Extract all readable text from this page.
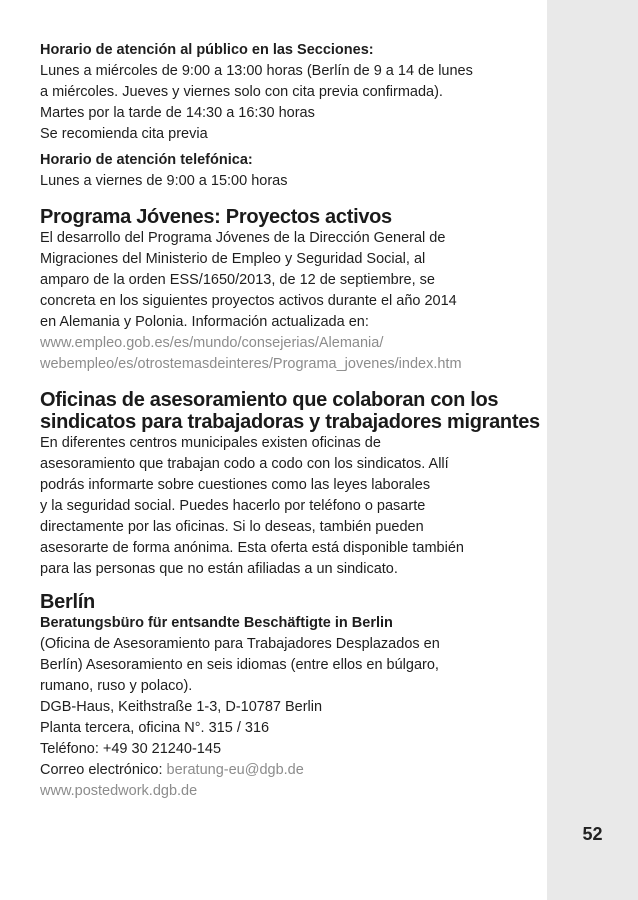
52
Horario de atención al público en las Secciones:
Lunes a miércoles de 9:00 a 13:00 horas (Berlín de 9 a 14 de lunes
a miércoles. Jueves y viernes solo con cita previa confirmada).
Martes por la tarde de 14:30 a 16:30 horas
Se recomienda cita previa
Horario de atención telefónica:
Lunes a viernes de 9:00 a 15:00 horas
Programa Jóvenes: Proyectos activos
El desarrollo del Programa Jóvenes de la Dirección General de
Migraciones del Ministerio de Empleo y Seguridad Social, al
amparo de la orden ESS/1650/2013, de 12 de septiembre, se
concreta en los siguientes proyectos activos durante el año 2014
en Alemania y Polonia. Información actualizada en:
www.empleo.gob.es/es/mundo/consejerias/Alemania/
webempleo/es/otrostemasdeinteres/Programa_jovenes/index.htm
Oficinas de asesoramiento que colaboran con los
sindicatos para trabajadoras y trabajadores migrantes
En diferentes centros municipales existen oficinas de
asesoramiento que trabajan codo a codo con los sindicatos. Allí
podrás informarte sobre cuestiones como las leyes laborales
y la seguridad social. Puedes hacerlo por teléfono o pasarte
directamente por las oficinas. Si lo deseas, también pueden
asesorarte de forma anónima. Esta oferta está disponible también
para las personas que no están afiliadas a un sindicato.
Berlín
Beratungsbüro für entsandte Beschäftigte in Berlin
(Oficina de Asesoramiento para Trabajadores Desplazados en
Berlín) Asesoramiento en seis idiomas (entre ellos en búlgaro,
rumano, ruso y polaco).
DGB-Haus, Keithstraße 1-3, D-10787 Berlin
Planta tercera, oficina N°. 315 / 316
Teléfono: +49 30 21240-145
Correo electrónico: beratung-eu@dgb.de
www.postedwork.dgb.de
